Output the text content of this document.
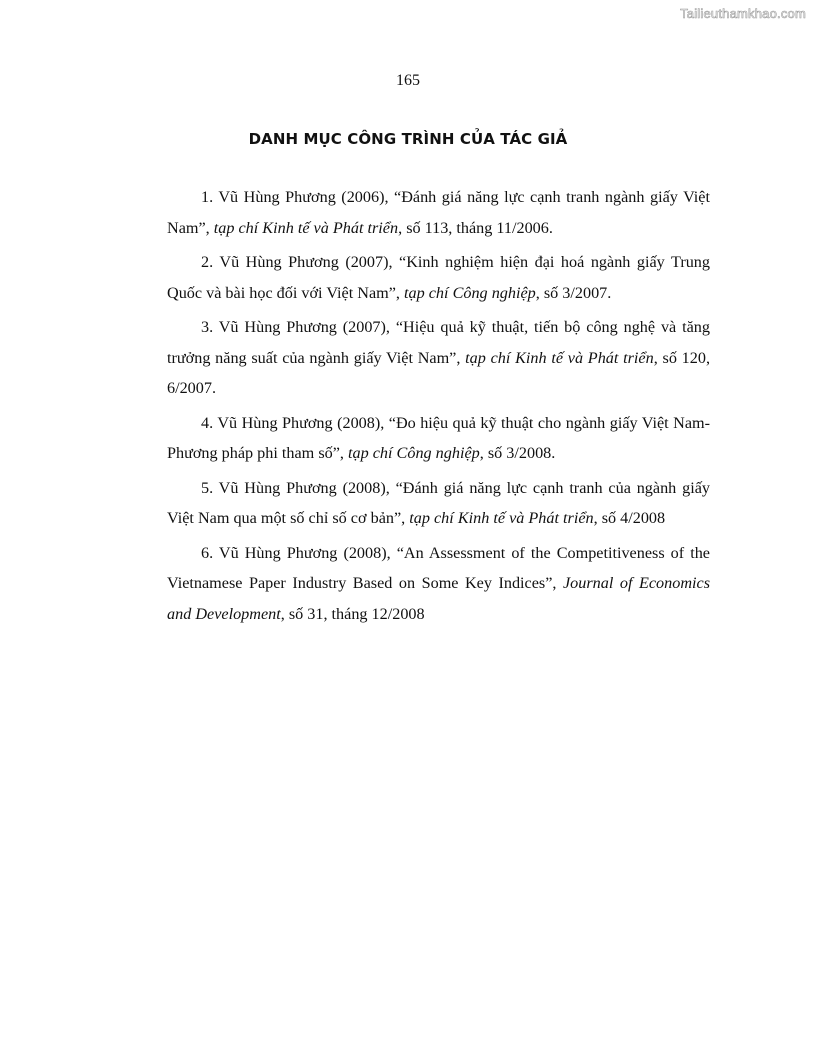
Tailieuthamkhao.com
165
DANH MỤC CÔNG TRÌNH CỦA TÁC GIẢ

1. Vũ Hùng Phương (2006), “Đánh giá năng lực cạnh tranh ngành giấy Việt Nam”, tạp chí Kinh tế và Phát triển, số 113, tháng 11/2006.

2. Vũ Hùng Phương (2007), “Kinh nghiệm hiện đại hoá ngành giấy Trung Quốc và bài học đối với Việt Nam”, tạp chí Công nghiệp, số 3/2007.

3. Vũ Hùng Phương (2007), “Hiệu quả kỹ thuật, tiến bộ công nghệ và tăng trưởng năng suất của ngành giấy Việt Nam”, tạp chí Kinh tế và Phát triển, số 120, 6/2007.

4. Vũ Hùng Phương (2008), “Đo hiệu quả kỹ thuật cho ngành giấy Việt Nam-Phương pháp phi tham số”, tạp chí Công nghiệp, số 3/2008.

5. Vũ Hùng Phương (2008), “Đánh giá năng lực cạnh tranh của ngành giấy Việt Nam qua một số chỉ số cơ bản”, tạp chí Kinh tế và Phát triển, số 4/2008

6. Vũ Hùng Phương (2008), “An Assessment of the Competitiveness of the Vietnamese Paper Industry Based on Some Key Indices”, Journal of Economics and Development, số 31, tháng 12/2008
